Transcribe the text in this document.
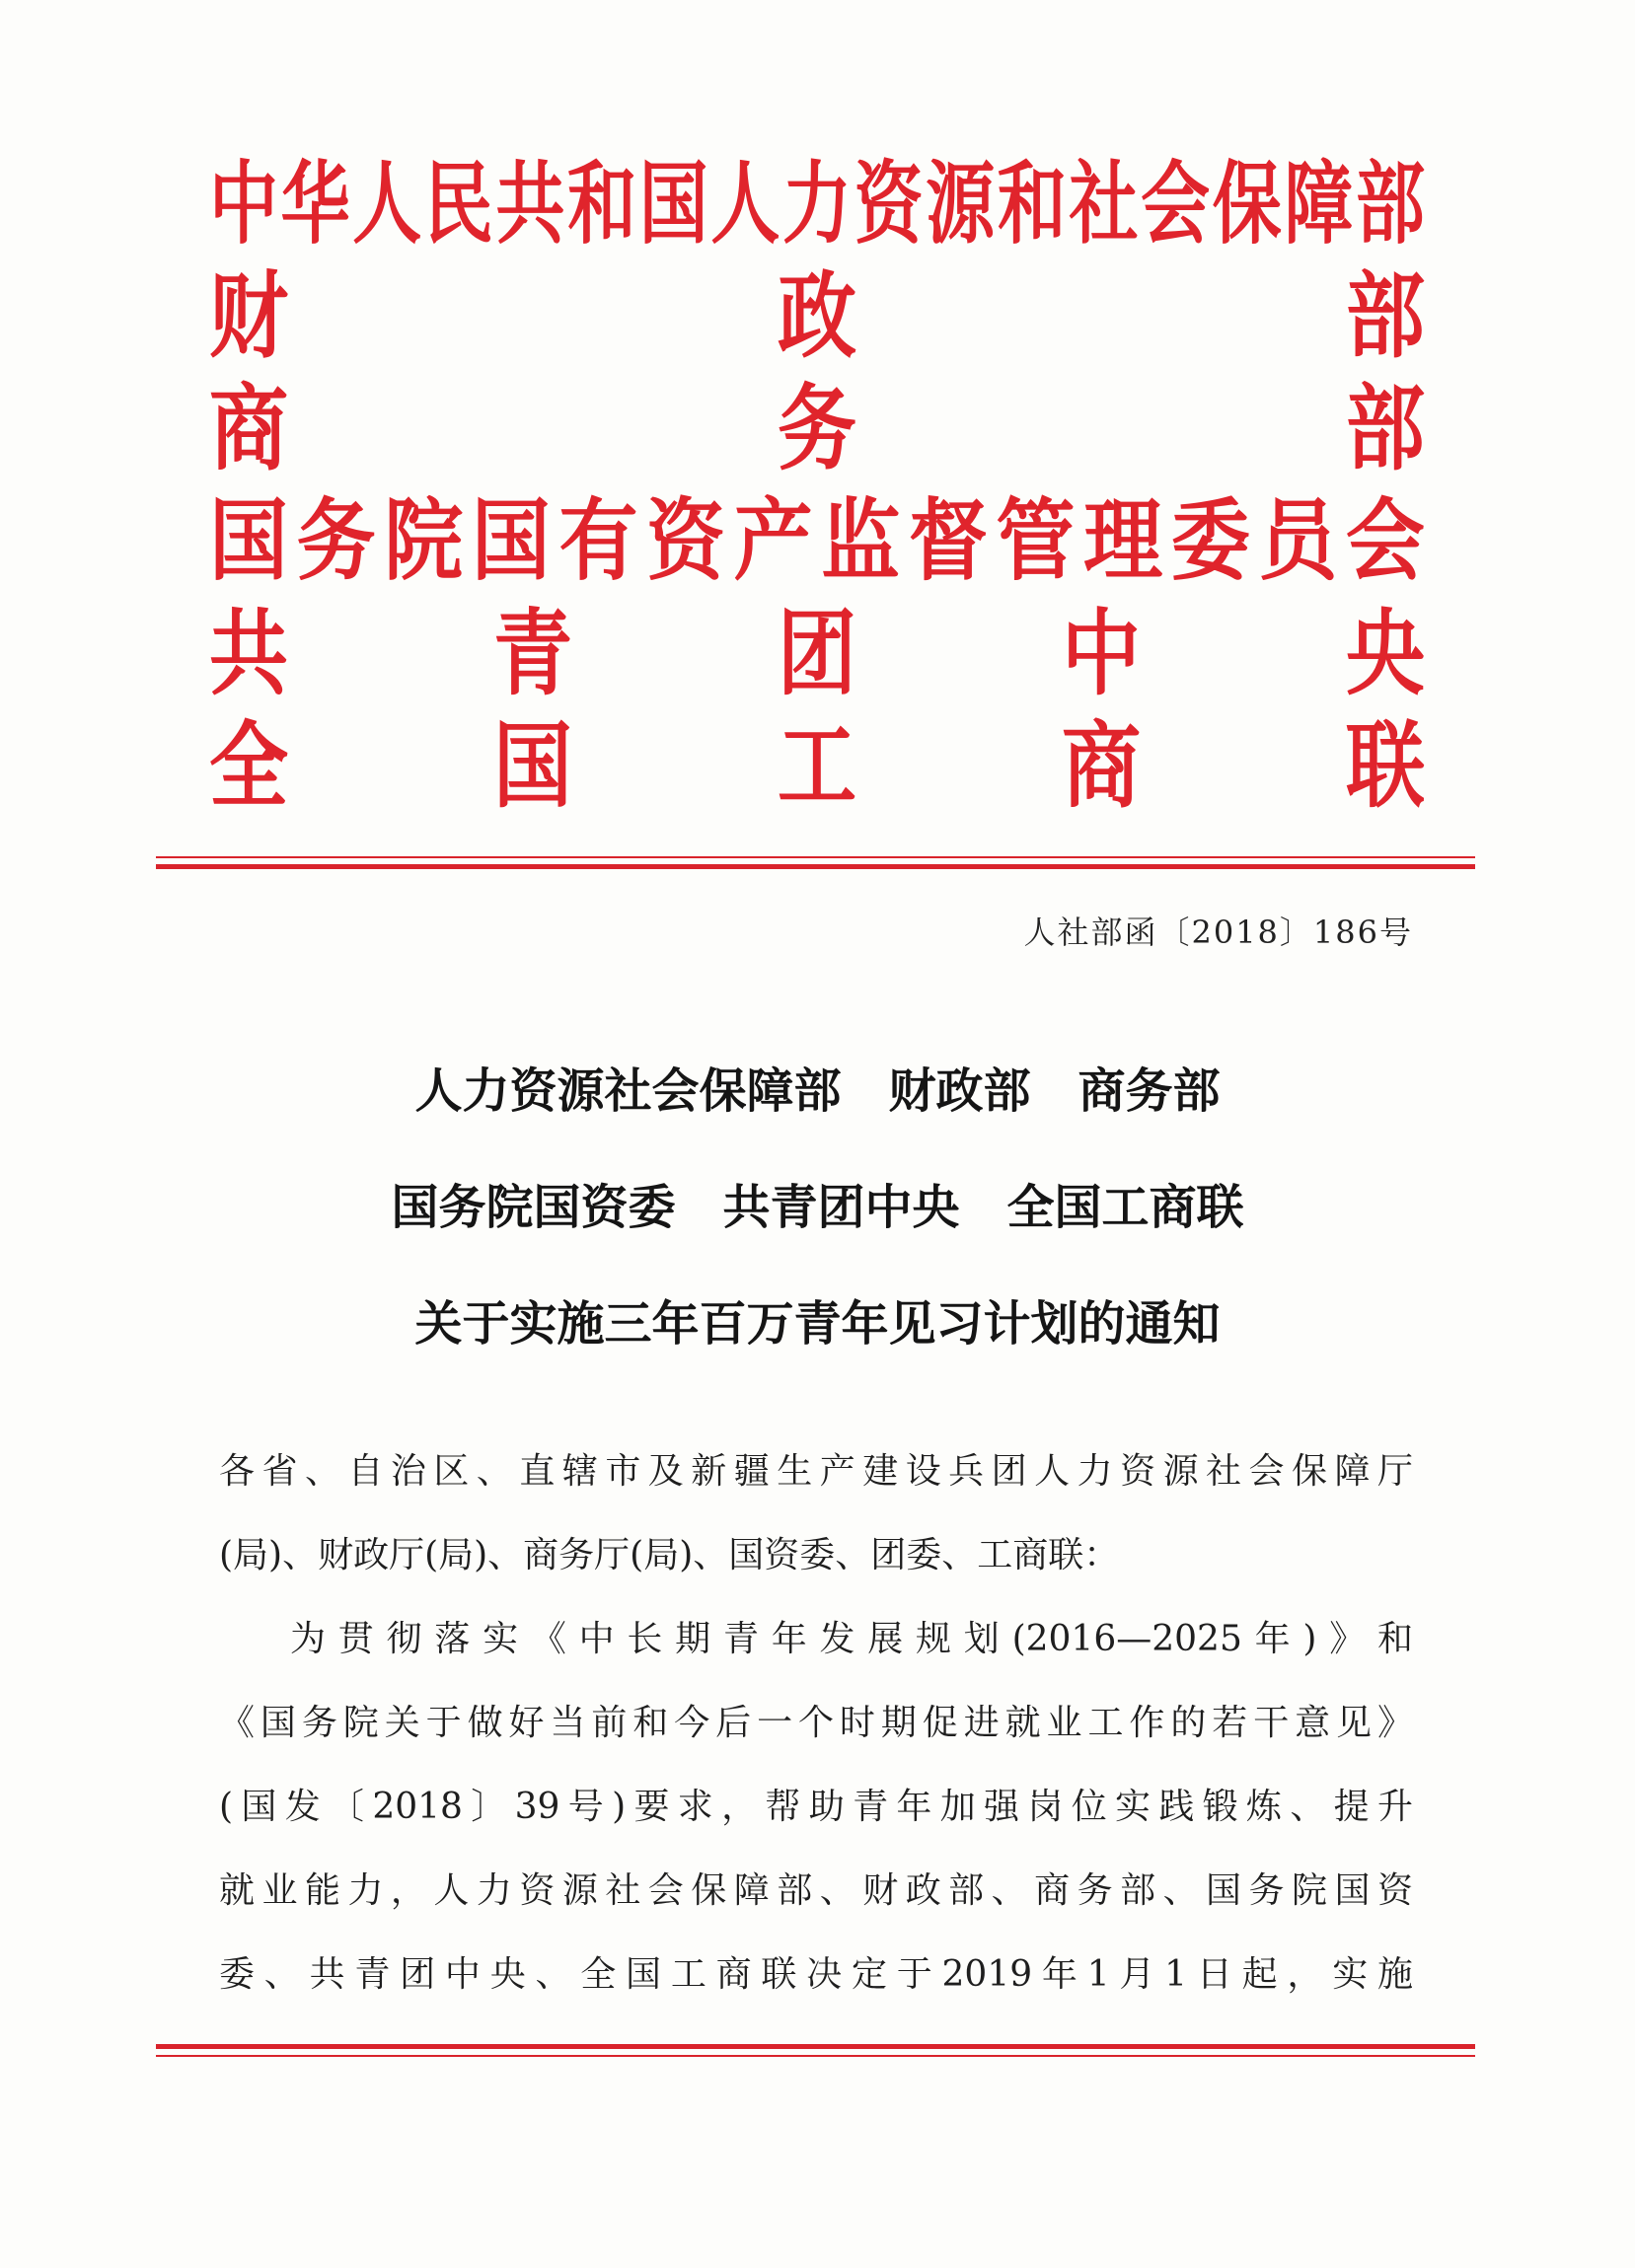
中 华 人 民 共 和 国 人 力 资 源 和 社 会 保 障 部
财	政	部
商	务	部
国 务 院 国 有 资 产 监 督 管 理 委 员 会
共	青	团	中	央
全	国	工	商	联
人社部函〔2018〕186号
人力资源社会保障部　财政部　商务部
国务院国资委　共青团中央　全国工商联
关于实施三年百万青年见习计划的通知
各省、自治区、直辖市及新疆生产建设兵团人力资源社会保障厅
(局)、财政厅(局)、商务厅(局)、国资委、团委、工商联：
为贯彻落实《中长期青年发展规划(2016—2025年)》和
《国务院关于做好当前和今后一个时期促进就业工作的若干意见》
(国发〔2018〕39号)要求，帮助青年加强岗位实践锻炼、提升
就业能力，人力资源社会保障部、财政部、商务部、国务院国资
委、共青团中央、全国工商联决定于2019年1月1日起，实施
